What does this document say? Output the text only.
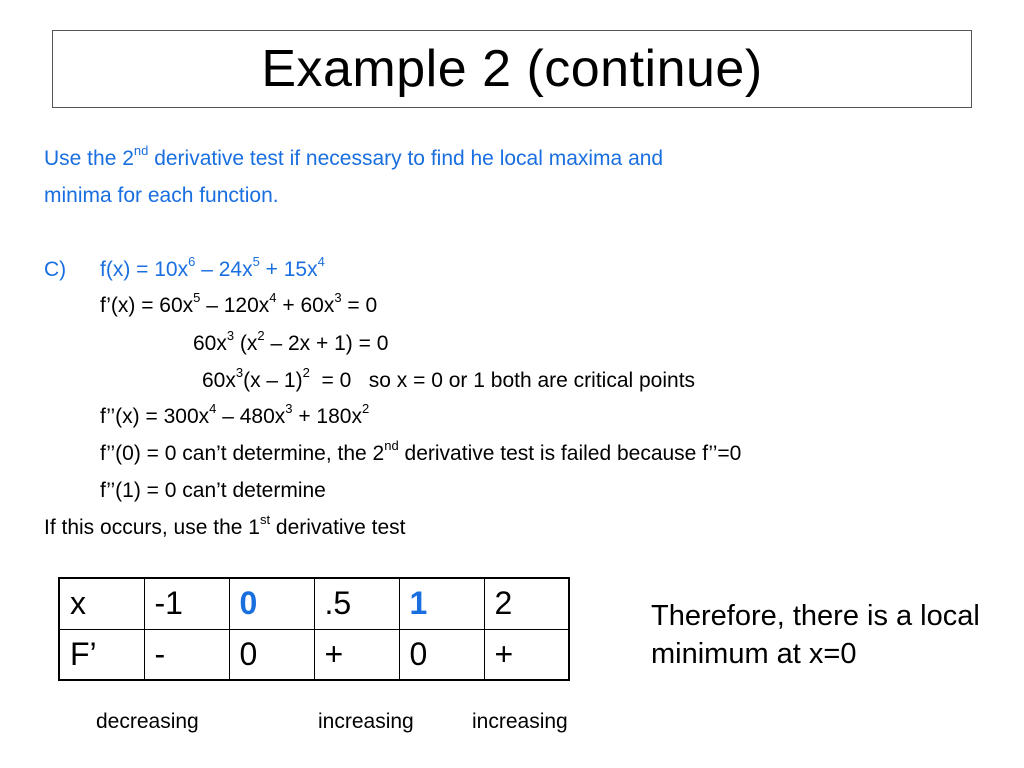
Example 2 (continue)
Use the 2nd derivative test if necessary to find he local maxima and
minima for each function.
C) $f(x) = 10x^6 - 24x^5 + 15x^4$
f’(x) = $60x^5 - 120x^4 + 60x^3 = 0$
$60x^3$ $(x^2 - 2x + 1) = 0$
$60x^3(x - 1)^2 = 0$   so x = 0 or 1 both are critical points
f’’(x) = $300x^4 - 480x^3 + 180x^2$
f’’(0) = 0 can’t determine, the 2nd derivative test is failed because f’’=0
f’’(1) = 0 can’t determine
If this occurs, use the 1st derivative test
x	-1	0	.5	1	2
F’	-	0	+	0	+
Therefore, there is a local minimum at x=0
decreasing	increasing	increasing
